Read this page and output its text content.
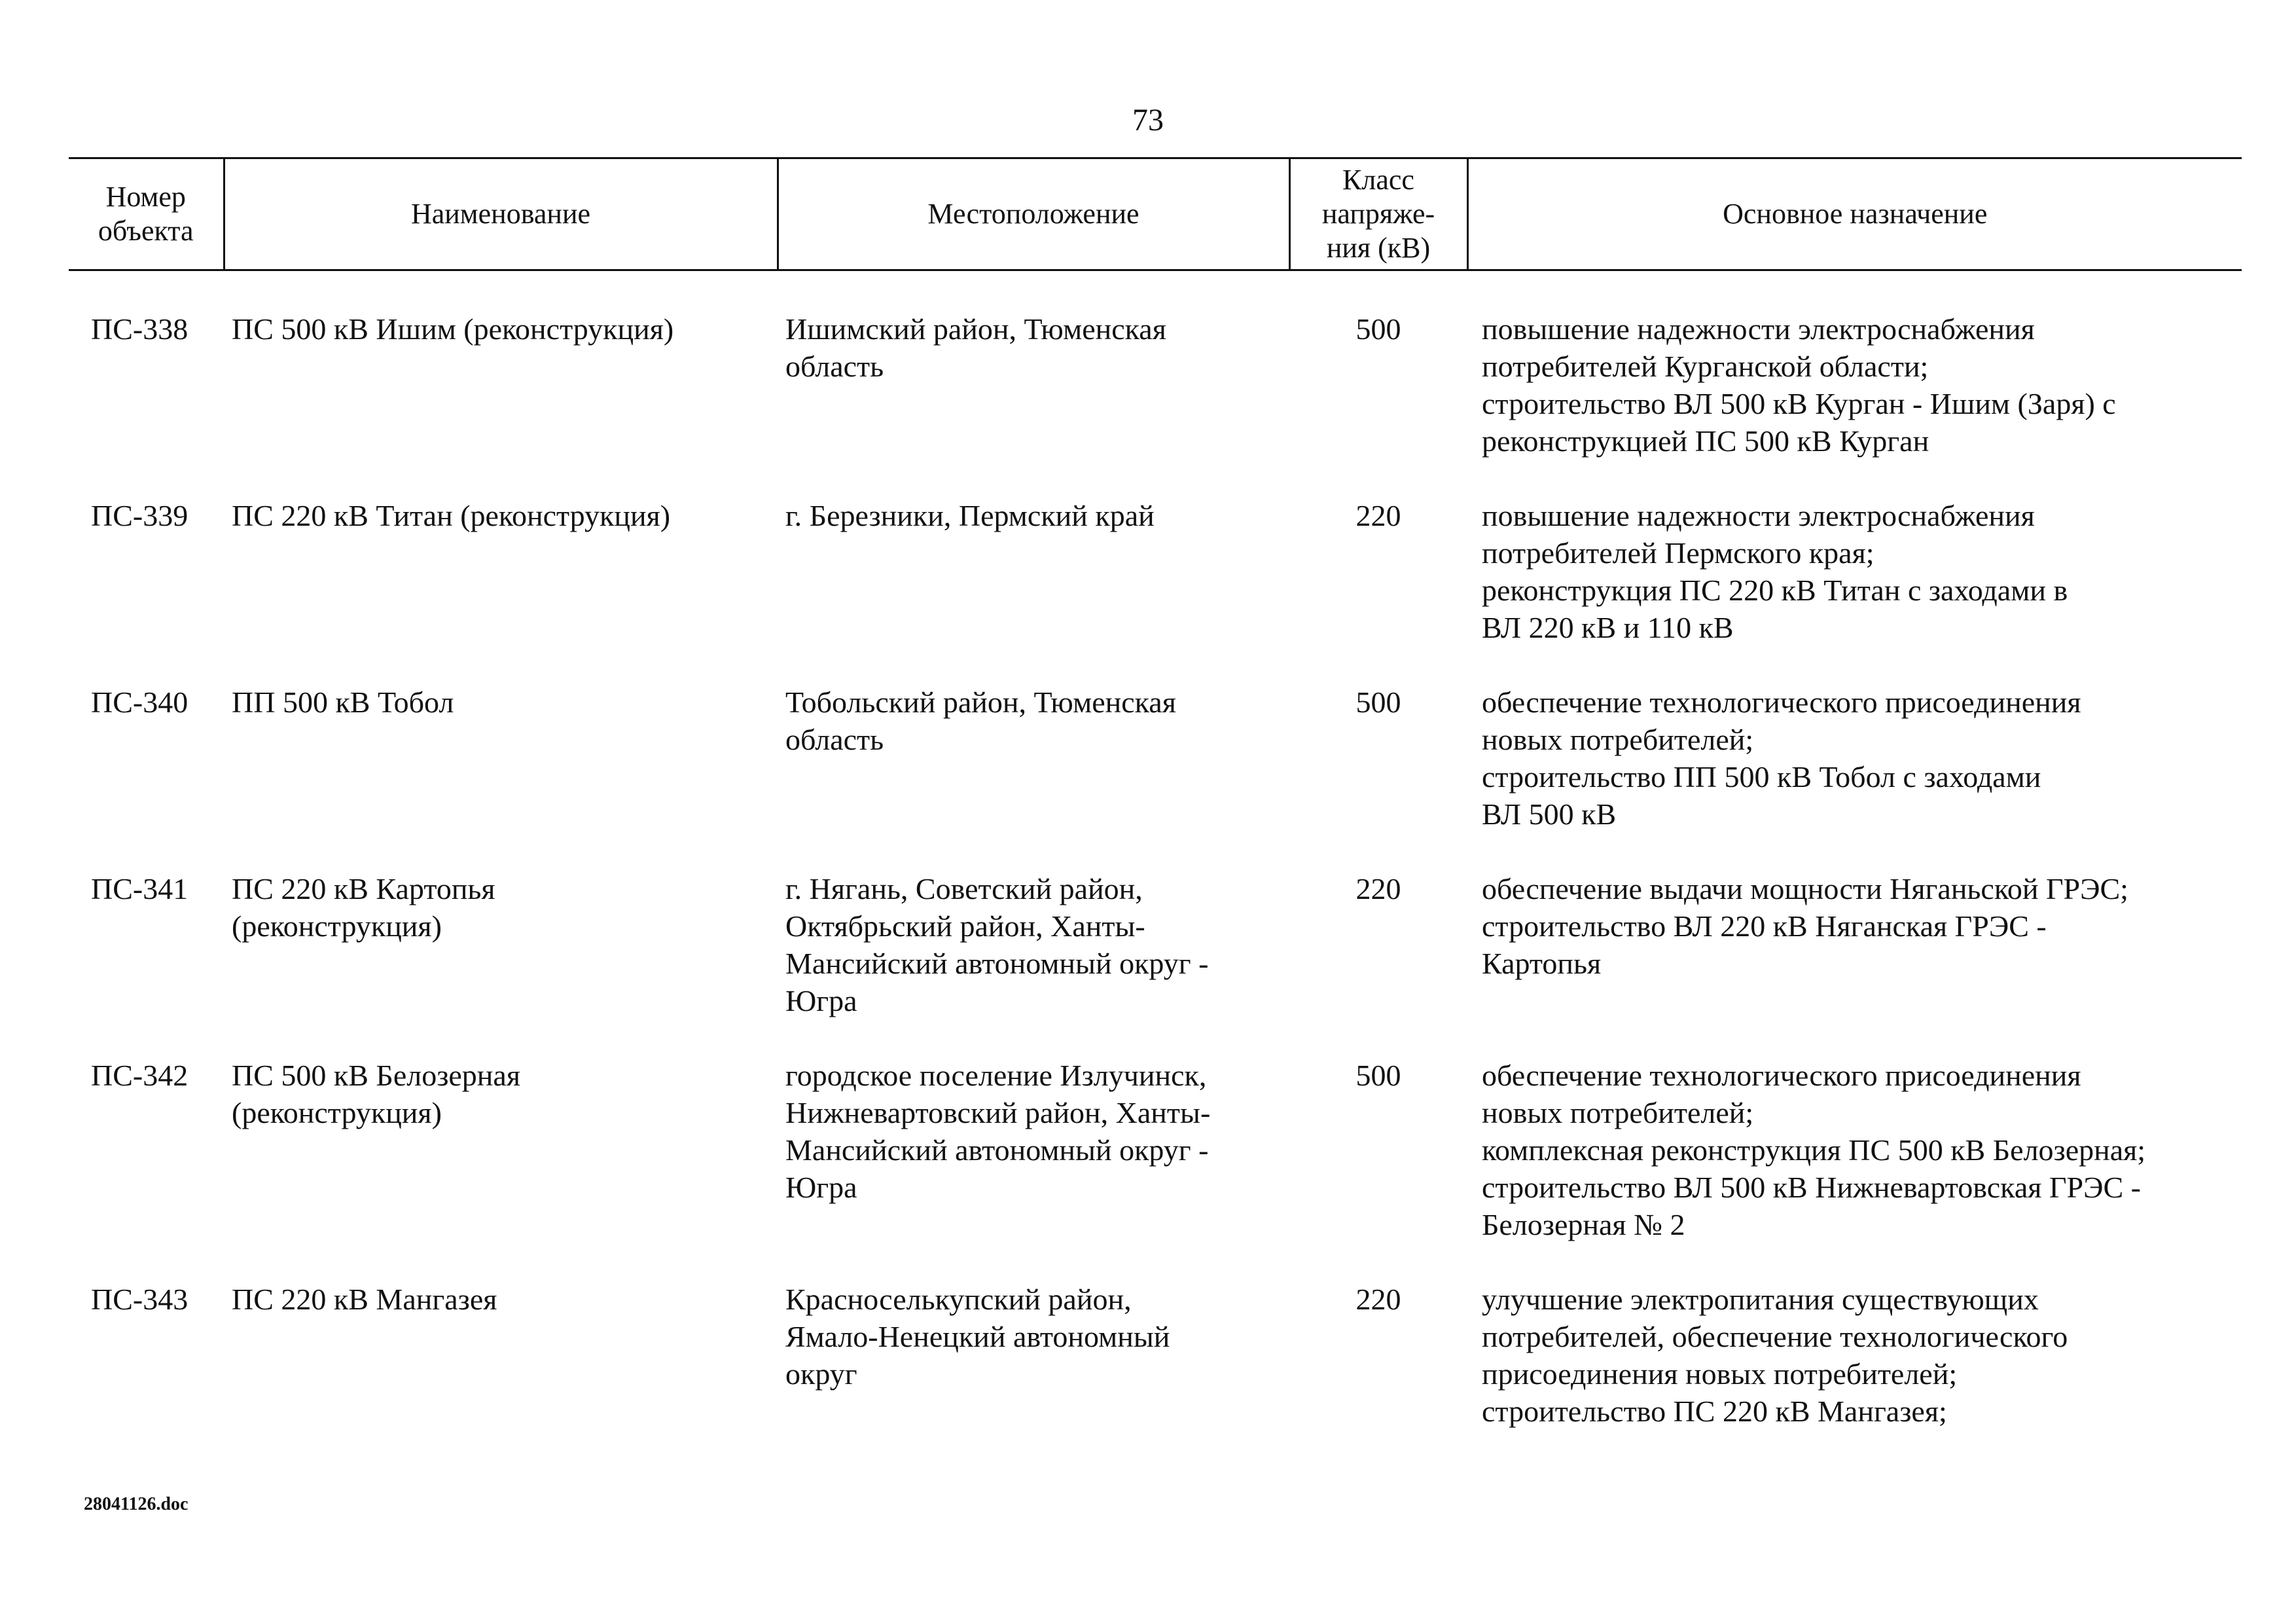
73
Номер
объекта	Наименование	Местоположение	Класс
напряже-
ния (кВ)	Основное назначение
ПС-338	ПС 500 кВ Ишим (реконструкция)	Ишимский район, Тюменская
область	500	повышение надежности электроснабжения
потребителей Курганской области;
строительство ВЛ 500 кВ Курган - Ишим (Заря) с
реконструкцией ПС 500 кВ Курган
ПС-339	ПС 220 кВ Титан (реконструкция)	г. Березники, Пермский край	220	повышение надежности электроснабжения
потребителей Пермского края;
реконструкция ПС 220 кВ Титан с заходами в
ВЛ 220 кВ и 110 кВ
ПС-340	ПП 500 кВ Тобол	Тобольский район, Тюменская
область	500	обеспечение технологического присоединения
новых потребителей;
строительство ПП 500 кВ Тобол с заходами
ВЛ 500 кВ
ПС-341	ПС 220 кВ Картопья
(реконструкция)	г. Нягань, Советский район,
Октябрьский район, Ханты-
Мансийский автономный округ -
Югра	220	обеспечение выдачи мощности Няганьской ГРЭС;
строительство ВЛ 220 кВ Няганская ГРЭС -
Картопья
ПС-342	ПС 500 кВ Белозерная
(реконструкция)	городское поселение Излучинск,
Нижневартовский район, Ханты-
Мансийский автономный округ -
Югра	500	обеспечение технологического присоединения
новых потребителей;
комплексная реконструкция ПС 500 кВ Белозерная;
строительство ВЛ 500 кВ Нижневартовская ГРЭС -
Белозерная № 2
ПС-343	ПС 220 кВ Мангазея	Красноселькупский район,
Ямало-Ненецкий автономный
округ	220	улучшение электропитания существующих
потребителей, обеспечение технологического
присоединения новых потребителей;
строительство ПС 220 кВ Мангазея;
28041126.doc
